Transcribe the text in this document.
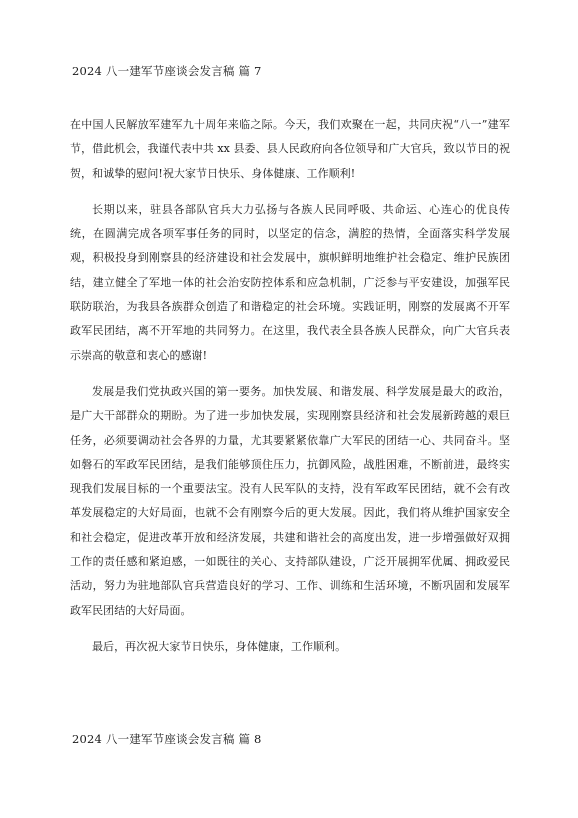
2024 八一建军节座谈会发言稿 篇 7

在中国人民解放军建军九十周年来临之际。今天，我们欢聚在一起，共同庆祝“八一”建军节，借此机会，我谨代表中共 xx 县委、县人民政府向各位领导和广大官兵，致以节日的祝贺，和诚挚的慰问!祝大家节日快乐、身体健康、工作顺利!

长期以来，驻县各部队官兵大力弘扬与各族人民同呼吸、共命运、心连心的优良传统，在圆满完成各项军事任务的同时，以坚定的信念，满腔的热情，全面落实科学发展观，积极投身到刚察县的经济建设和社会发展中，旗帜鲜明地维护社会稳定、维护民族团结，建立健全了军地一体的社会治安防控体系和应急机制，广泛参与平安建设，加强军民联防联治，为我县各族群众创造了和谐稳定的社会环境。实践证明，刚察的发展离不开军政军民团结，离不开军地的共同努力。在这里，我代表全县各族人民群众，向广大官兵表示崇高的敬意和衷心的感谢!

发展是我们党执政兴国的第一要务。加快发展、和谐发展、科学发展是最大的政治，是广大干部群众的期盼。为了进一步加快发展，实现刚察县经济和社会发展新跨越的艰巨任务，必须要调动社会各界的力量，尤其要紧紧依靠广大军民的团结一心、共同奋斗。坚如磐石的军政军民团结，是我们能够顶住压力，抗御风险，战胜困难，不断前进，最终实现我们发展目标的一个重要法宝。没有人民军队的支持，没有军政军民团结，就不会有改革发展稳定的大好局面，也就不会有刚察今后的更大发展。因此，我们将从维护国家安全和社会稳定，促进改革开放和经济发展，共建和谐社会的高度出发，进一步增强做好双拥工作的责任感和紧迫感，一如既往的关心、支持部队建设，广泛开展拥军优属、拥政爱民活动，努力为驻地部队官兵营造良好的学习、工作、训练和生活环境，不断巩固和发展军政军民团结的大好局面。

最后，再次祝大家节日快乐，身体健康，工作顺利。

2024 八一建军节座谈会发言稿 篇 8
